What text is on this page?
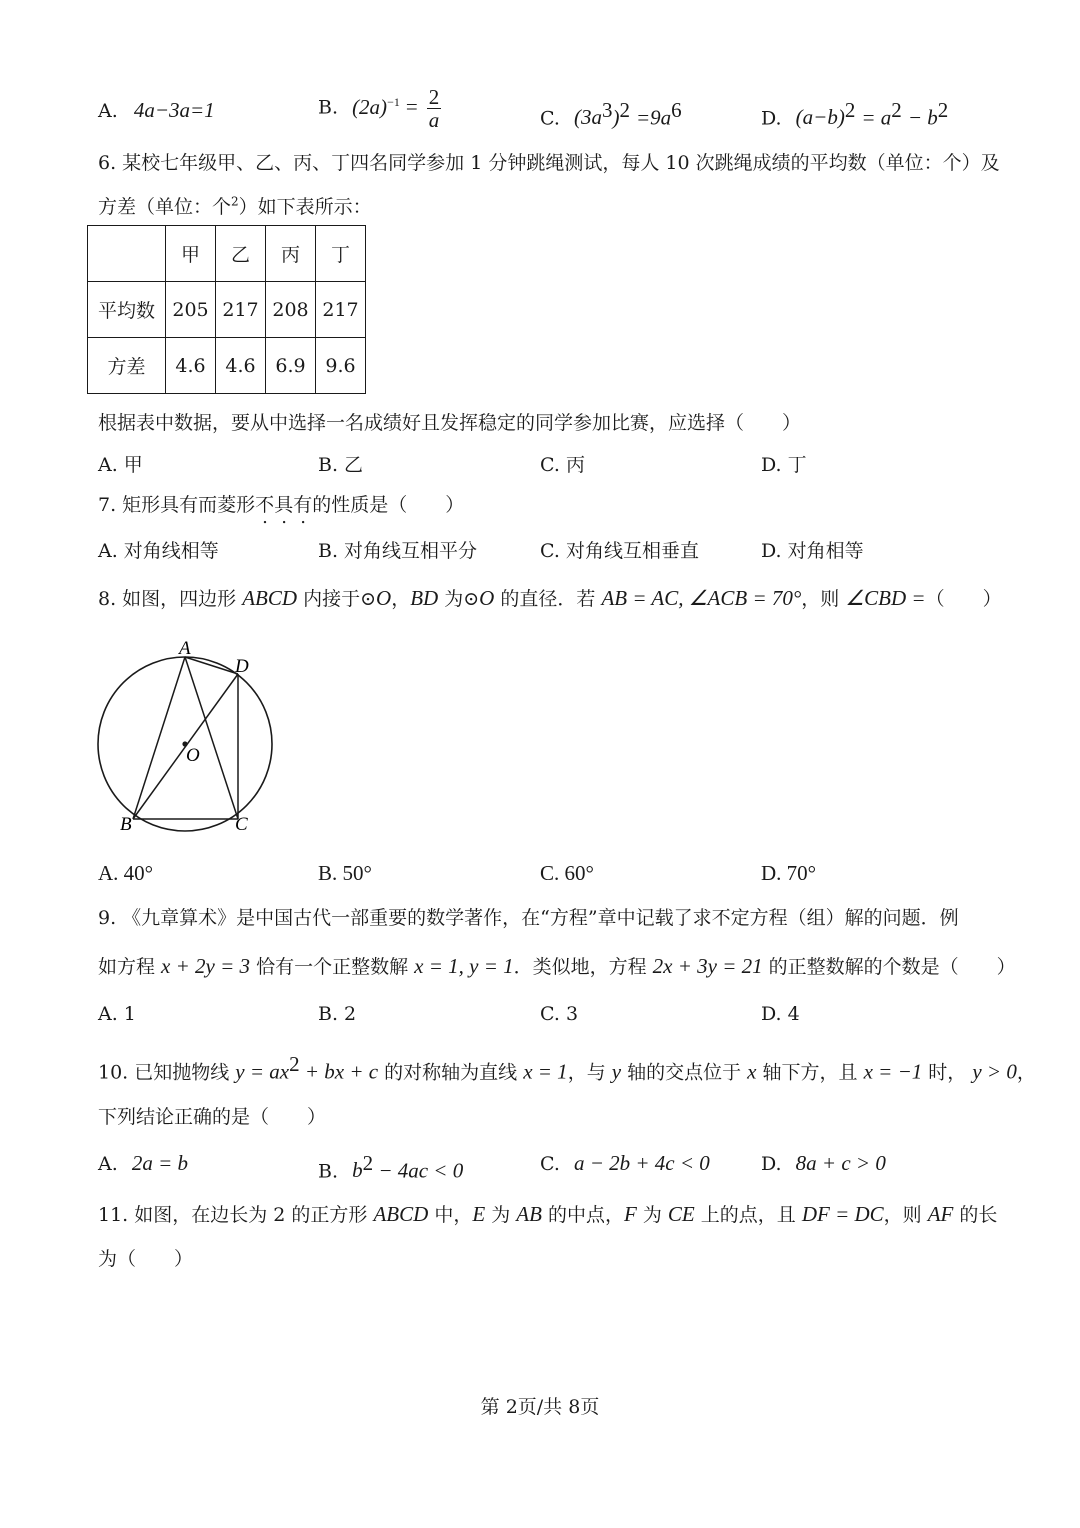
A. 4a−3a=1	B. $(2a)^{-1} = \frac{2}{a}$	C. $(3a^3)^2 =9a^6$	D. $(a-b)^2 = a^2 - b^2$
6. 某校七年级甲、乙、丙、丁四名同学参加 1 分钟跳绳测试，每人 10 次跳绳成绩的平均数（单位：个）及
方差（单位：个$^2$）如下表所示：
	甲	乙	丙	丁
平均数	205	217	208	217
方差	4.6	4.6	6.9	9.6
根据表中数据，要从中选择一名成绩好且发挥稳定的同学参加比赛，应选择（　　）
A. 甲	B. 乙	C. 丙	D. 丁
7. 矩形具有而菱形不具有的性质是（　　）
A. 对角线相等	B. 对角线互相平分	C. 对角线互相垂直	D. 对角相等
8. 如图，四边形 ABCD 内接于⊙O，BD 为⊙O 的直径．若 AB = AC, ∠ACB = 70°，则 ∠CBD =（　　）
A
D
O
B	C
A. 40°	B. 50°	C. 60°	D. 70°
9. 《九章算术》是中国古代一部重要的数学著作，在“方程”章中记载了求不定方程（组）解的问题．例
如方程 x + 2y = 3 恰有一个正整数解 x = 1, y = 1．类似地，方程 2x + 3y = 21 的正整数解的个数是（　　）
A. 1	B. 2	C. 3	D. 4
10. 已知抛物线 $y = ax^2$ + bx + c 的对称轴为直线 x = 1，与 y 轴的交点位于 x 轴下方，且 x = −1 时， y > 0，
下列结论正确的是（　　）
A. 2a = b	B. $b^2 - 4ac < 0$	C. a − 2b + 4c < 0	D. 8a + c > 0
11. 如图，在边长为 2 的正方形 ABCD 中，E 为 AB 的中点，F 为 CE 上的点，且 DF = DC，则 AF 的长
为（　　）
第 2页/共 8页
